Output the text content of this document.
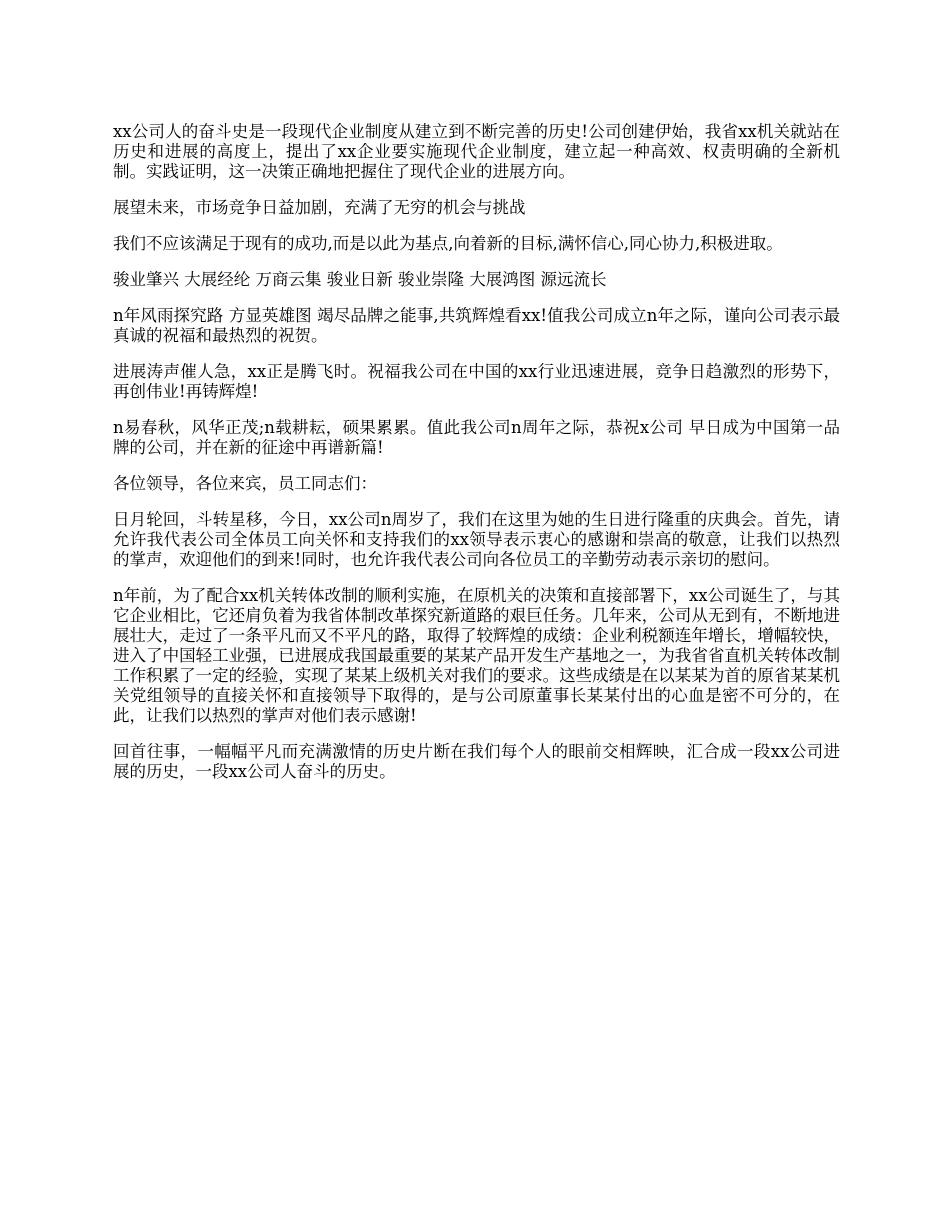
xx公司人的奋斗史是一段现代企业制度从建立到不断完善的历史!公司创建伊始，我省xx机关就站在历史和进展的高度上，提出了xx企业要实施现代企业制度，建立起一种高效、权责明确的全新机制。实践证明，这一决策正确地把握住了现代企业的进展方向。

展望未来，市场竞争日益加剧，充满了无穷的机会与挑战

我们不应该满足于现有的成功,而是以此为基点,向着新的目标,满怀信心,同心协力,积极进取。

骏业肇兴 大展经纶 万商云集 骏业日新 骏业崇隆 大展鸿图 源远流长

n年风雨探究路 方显英雄图 竭尽品牌之能事,共筑辉煌看xx!值我公司成立n年之际，谨向公司表示最真诚的祝福和最热烈的祝贺。

进展涛声催人急，xx正是腾飞时。祝福我公司在中国的xx行业迅速进展，竞争日趋激烈的形势下，再创伟业!再铸辉煌!

n易春秋，风华正茂;n载耕耘，硕果累累。值此我公司n周年之际，恭祝x公司 早日成为中国第一品牌的公司，并在新的征途中再谱新篇!

各位领导，各位来宾，员工同志们：

日月轮回，斗转星移，今日，xx公司n周岁了，我们在这里为她的生日进行隆重的庆典会。首先，请允许我代表公司全体员工向关怀和支持我们的xx领导表示衷心的感谢和崇高的敬意，让我们以热烈的掌声，欢迎他们的到来!同时，也允许我代表公司向各位员工的辛勤劳动表示亲切的慰问。

n年前，为了配合xx机关转体改制的顺利实施，在原机关的决策和直接部署下，xx公司诞生了，与其它企业相比，它还肩负着为我省体制改革探究新道路的艰巨任务。几年来，公司从无到有，不断地进展壮大，走过了一条平凡而又不平凡的路，取得了较辉煌的成绩：企业利税额连年增长，增幅较快，进入了中国轻工业强，已进展成我国最重要的某某产品开发生产基地之一，为我省省直机关转体改制工作积累了一定的经验，实现了某某上级机关对我们的要求。这些成绩是在以某某为首的原省某某机关党组领导的直接关怀和直接领导下取得的，是与公司原董事长某某付出的心血是密不可分的，在此，让我们以热烈的掌声对他们表示感谢!

回首往事，一幅幅平凡而充满激情的历史片断在我们每个人的眼前交相辉映，汇合成一段xx公司进展的历史，一段xx公司人奋斗的历史。
